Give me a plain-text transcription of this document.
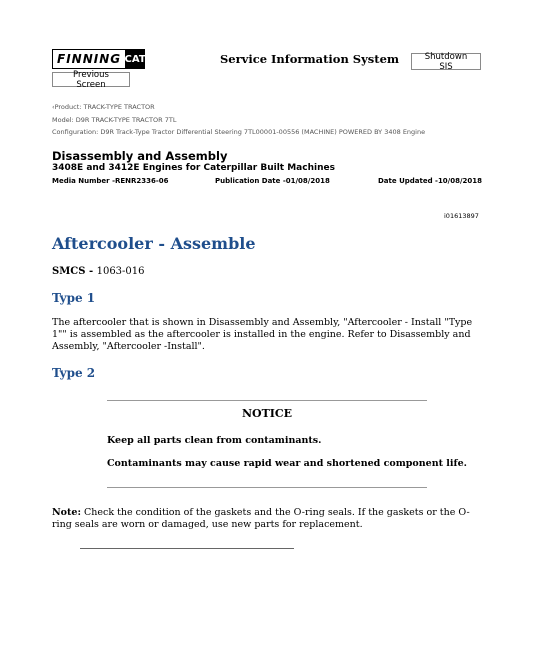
FINNING CAT	Service Information System
Previous Screen
Shutdown SIS
‹Product: TRACK-TYPE TRACTOR
Model: D9R TRACK-TYPE TRACTOR 7TL
Configuration: D9R Track-Type Tractor Differential Steering 7TL00001-00556 (MACHINE) POWERED BY 3408 Engine
Disassembly and Assembly
3408E and 3412E Engines for Caterpillar Built Machines
Media Number -RENR2336-06	Publication Date -01/08/2018	Date Updated -10/08/2018
i01613897
Aftercooler - Assemble
SMCS - 1063-016
Type 1
The aftercooler that is shown in Disassembly and Assembly, "Aftercooler - Install "Type 1"" is assembled as the aftercooler is installed in the engine. Refer to Disassembly and Assembly, "Aftercooler -Install".
Type 2
NOTICE
Keep all parts clean from contaminants.
Contaminants may cause rapid wear and shortened component life.
Note: Check the condition of the gaskets and the O-ring seals. If the gaskets or the O-ring seals are worn or damaged, use new parts for replacement.
